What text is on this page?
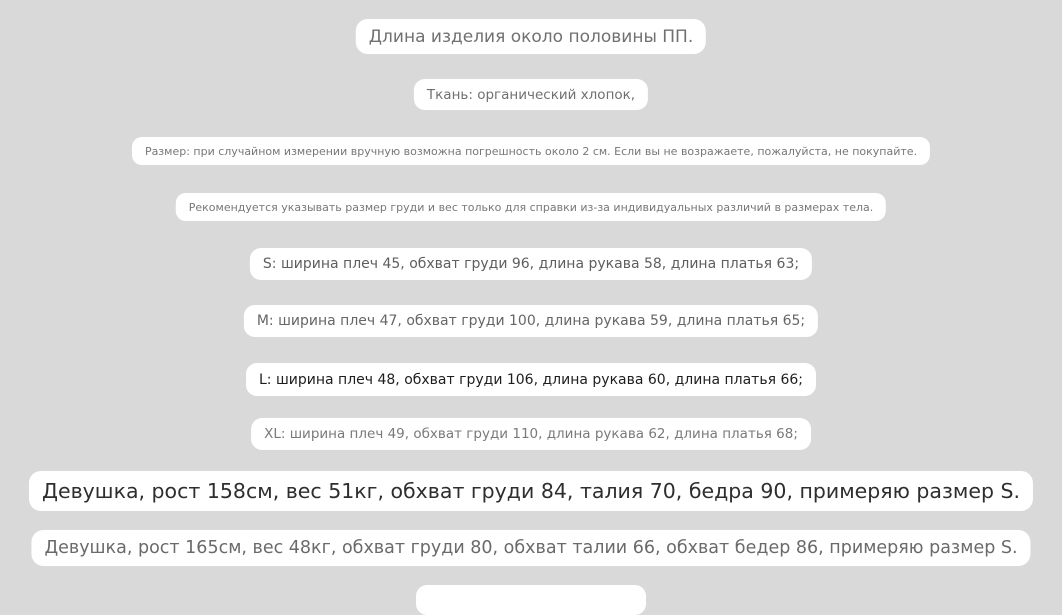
Длина изделия около половины ПП.
Ткань: органический хлопок,
Размер: при случайном измерении вручную возможна погрешность около 2 см. Если вы не возражаете, пожалуйста, не покупайте.
Рекомендуется указывать размер груди и вес только для справки из-за индивидуальных различий в размерах тела.
S: ширина плеч 45, обхват груди 96, длина рукава 58, длина платья 63;
M: ширина плеч 47, обхват груди 100, длина рукава 59, длина платья 65;
L: ширина плеч 48, обхват груди 106, длина рукава 60, длина платья 66;
XL: ширина плеч 49, обхват груди 110, длина рукава 62, длина платья 68;
Девушка, рост 158см, вес 51кг, обхват груди 84, талия 70, бедра 90, примеряю размер S.
Девушка, рост 165см, вес 48кг, обхват груди 80, обхват талии 66, обхват бедер 86, примеряю размер S.
